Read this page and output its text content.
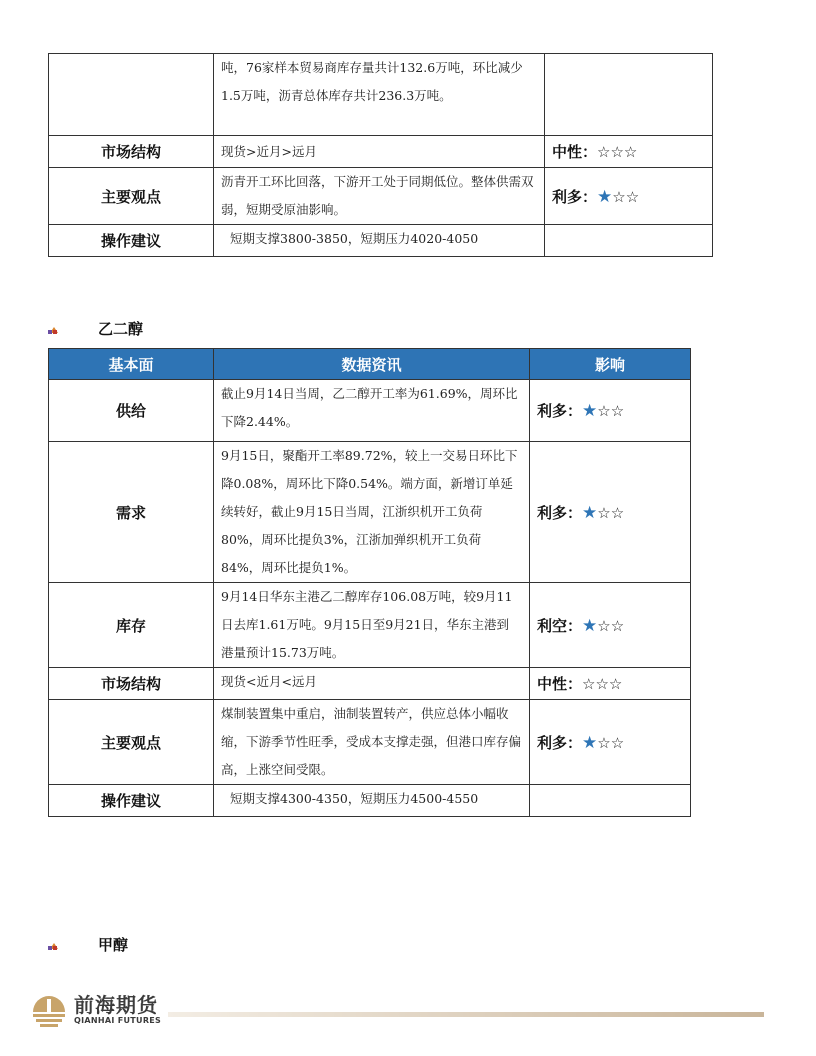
	吨，76家样本贸易商库存量共计132.6万吨，环比减少1.5万吨，沥青总体库存共计236.3万吨。	
市场结构	现货>近月>远月	中性：☆☆☆
主要观点	沥青开工环比回落，下游开工处于同期低位。整体供需双弱，短期受原油影响。	利多：★☆☆
操作建议	短期支撑3800-3850，短期压力4020-4050	
乙二醇
基本面	数据资讯	影响
供给	截止9月14日当周，乙二醇开工率为61.69%，周环比下降2.44%。	利多：★☆☆
需求	9月15日，聚酯开工率89.72%，较上一交易日环比下降0.08%，周环比下降0.54%。端方面，新增订单延续转好，截止9月15日当周，江浙织机开工负荷80%，周环比提负3%，江浙加弹织机开工负荷84%，周环比提负1%。	利多：★☆☆
库存	9月14日华东主港乙二醇库存106.08万吨，较9月11日去库1.61万吨。9月15日至9月21日，华东主港到港量预计15.73万吨。	利空：★☆☆
市场结构	现货<近月<远月	中性：☆☆☆
主要观点	煤制装置集中重启，油制装置转产，供应总体小幅收缩，下游季节性旺季，受成本支撑走强，但港口库存偏高，上涨空间受限。	利多：★☆☆
操作建议	短期支撑4300-4350，短期压力4500-4550	
甲醇
前海期货
QIANHAI FUTURES
